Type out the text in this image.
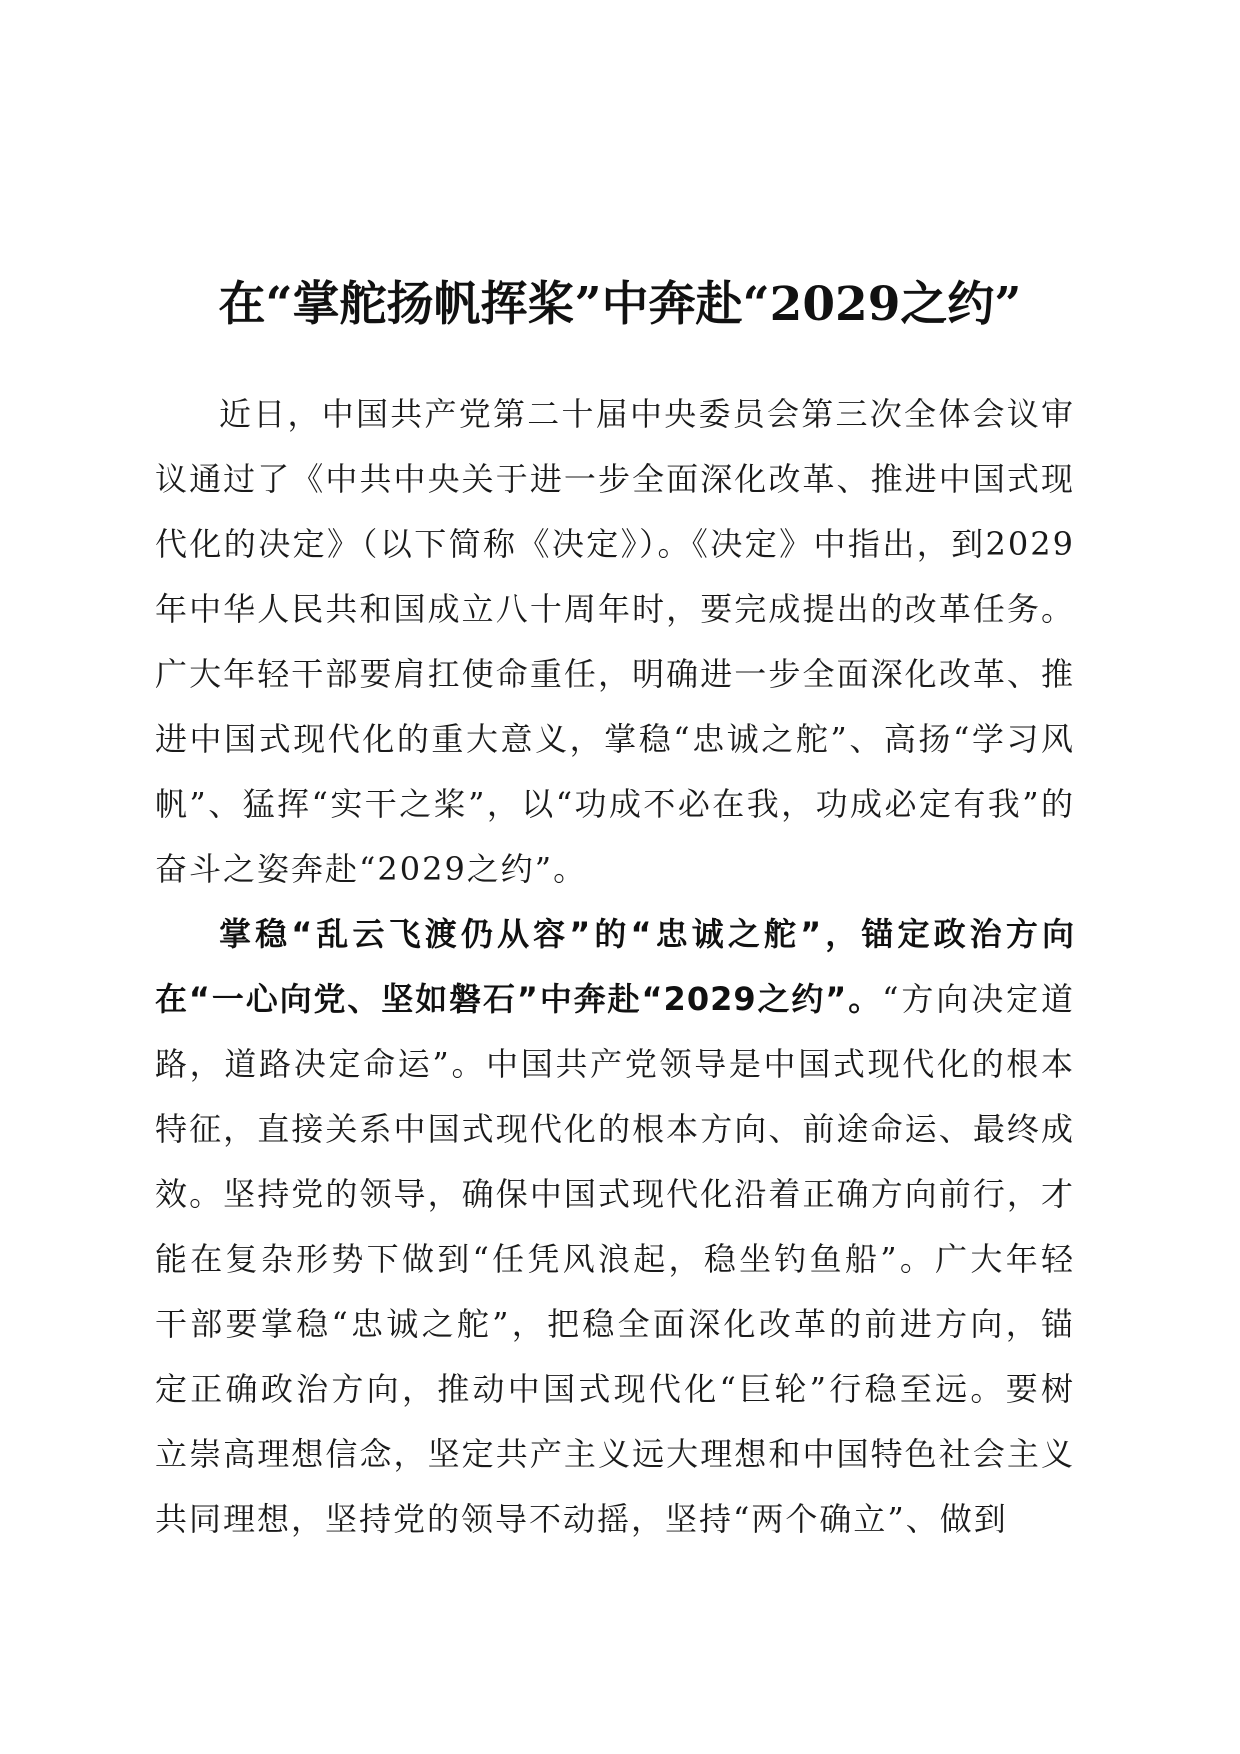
在“掌舵扬帆挥桨”中奔赴“2029之约”

近日，中国共产党第二十届中央委员会第三次全体会议审议通过了《中共中央关于进一步全面深化改革、推进中国式现代化的决定》（以下简称《决定》）。《决定》中指出，到2029年中华人民共和国成立八十周年时，要完成提出的改革任务。广大年轻干部要肩扛使命重任，明确进一步全面深化改革、推进中国式现代化的重大意义，掌稳“忠诚之舵”、高扬“学习风帆”、猛挥“实干之桨”，以“功成不必在我，功成必定有我”的奋斗之姿奔赴“2029之约”。

掌稳“乱云飞渡仍从容”的“忠诚之舵”，锚定政治方向在“一心向党、坚如磐石”中奔赴“2029之约”。“方向决定道路，道路决定命运”。中国共产党领导是中国式现代化的根本特征，直接关系中国式现代化的根本方向、前途命运、最终成效。坚持党的领导，确保中国式现代化沿着正确方向前行，才能在复杂形势下做到“任凭风浪起，稳坐钓鱼船”。广大年轻干部要掌稳“忠诚之舵”，把稳全面深化改革的前进方向，锚定正确政治方向，推动中国式现代化“巨轮”行稳至远。要树立崇高理想信念，坚定共产主义远大理想和中国特色社会主义共同理想，坚持党的领导不动摇，坚持“两个确立”、做到
